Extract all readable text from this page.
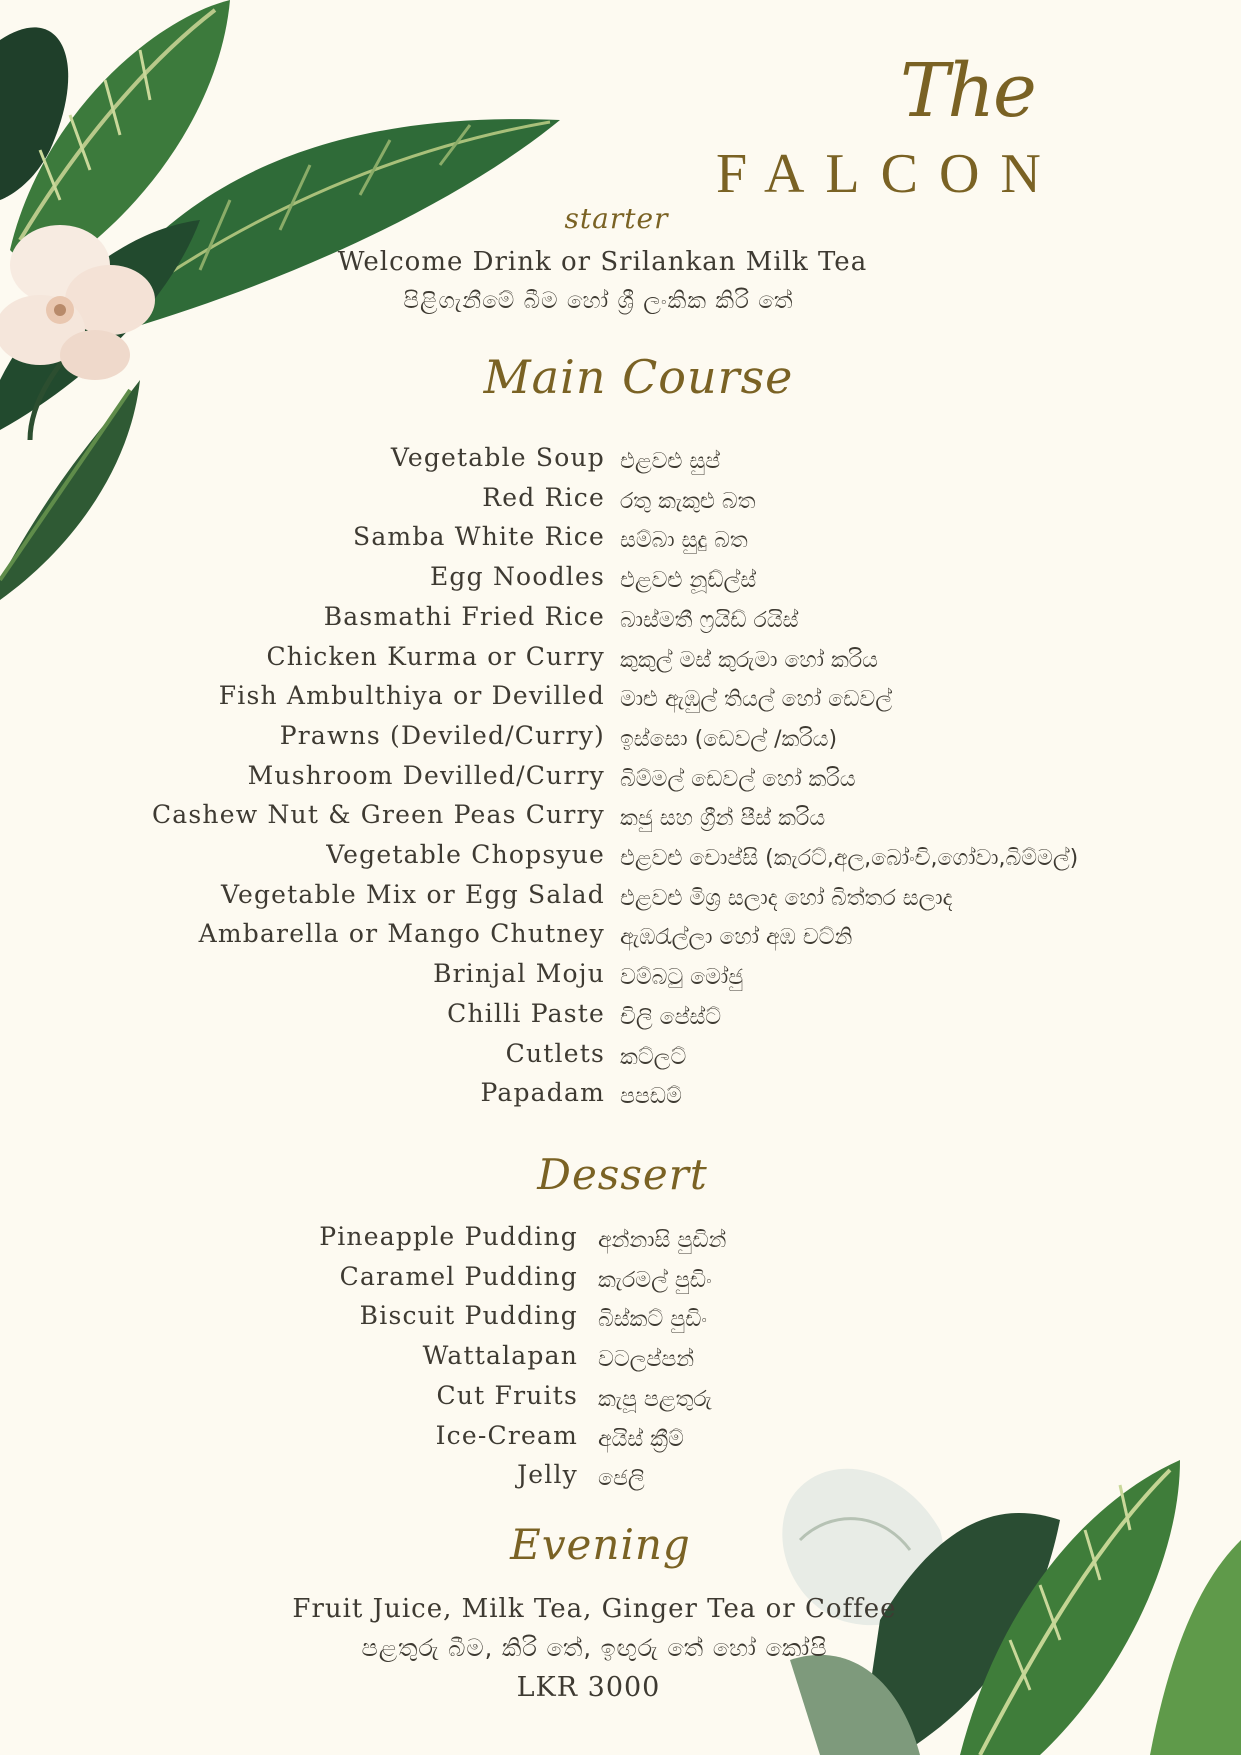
The
FALCON
starter
Welcome Drink or Srilankan Milk Tea
පිළිගැනීමේ බීම හෝ ශ්‍රී ලංකික කිරි තේ
Main Course
Vegetable Soup එළවළු සුප්
Red Rice රතු කැකුළු බත
Samba White Rice සම්බා සුදු බත
Egg Noodles එළවළු නූඩ්ල්ස්
Basmathi Fried Rice බාස්මතී ෆ්‍රයිඩ් රයිස්
Chicken Kurma or Curry කුකුල් මස් කුරුමා හෝ කරිය
Fish Ambulthiya or Devilled මාළු ඇඹුල් තියල් හෝ ඩෙවල්
Prawns (Deviled/Curry) ඉස්සො (ඩෙවල් /කරිය)
Mushroom Devilled/Curry බිම්මල් ඩෙවල් හෝ කරිය
Cashew Nut & Green Peas Curry කජු සහ ග්‍රීන් පීස් කරිය
Vegetable Chopsyue එළවළු චොප්සි (කැරට්,අල,බෝංචි,ගෝවා,බිම්මල්)
Vegetable Mix or Egg Salad එළවළු මිශ්‍ර සලාද හෝ බිත්තර සලාද
Ambarella or Mango Chutney ඇඹරැල්ලා හෝ අඹ චට්නි
Brinjal Moju වම්බටු මෝජු
Chilli Paste චිලි පේස්ට්
Cutlets කට්ලට්
Papadam පපඩම්
Dessert
Pineapple Pudding අන්නාසි පුඩින්
Caramel Pudding කැරමල් පුඩිං
Biscuit Pudding බිස්කට් පුඩිං
Wattalapan වටලප්පන්
Cut Fruits කැපූ පළතුරු
Ice-Cream අයිස් ක්‍රීම්
Jelly ජෙලි
Evening
Fruit Juice, Milk Tea, Ginger Tea or Coffee
පළතුරු බීම, කිරි තේ, ඉඟුරු තේ හෝ කෝපි
LKR 3000
